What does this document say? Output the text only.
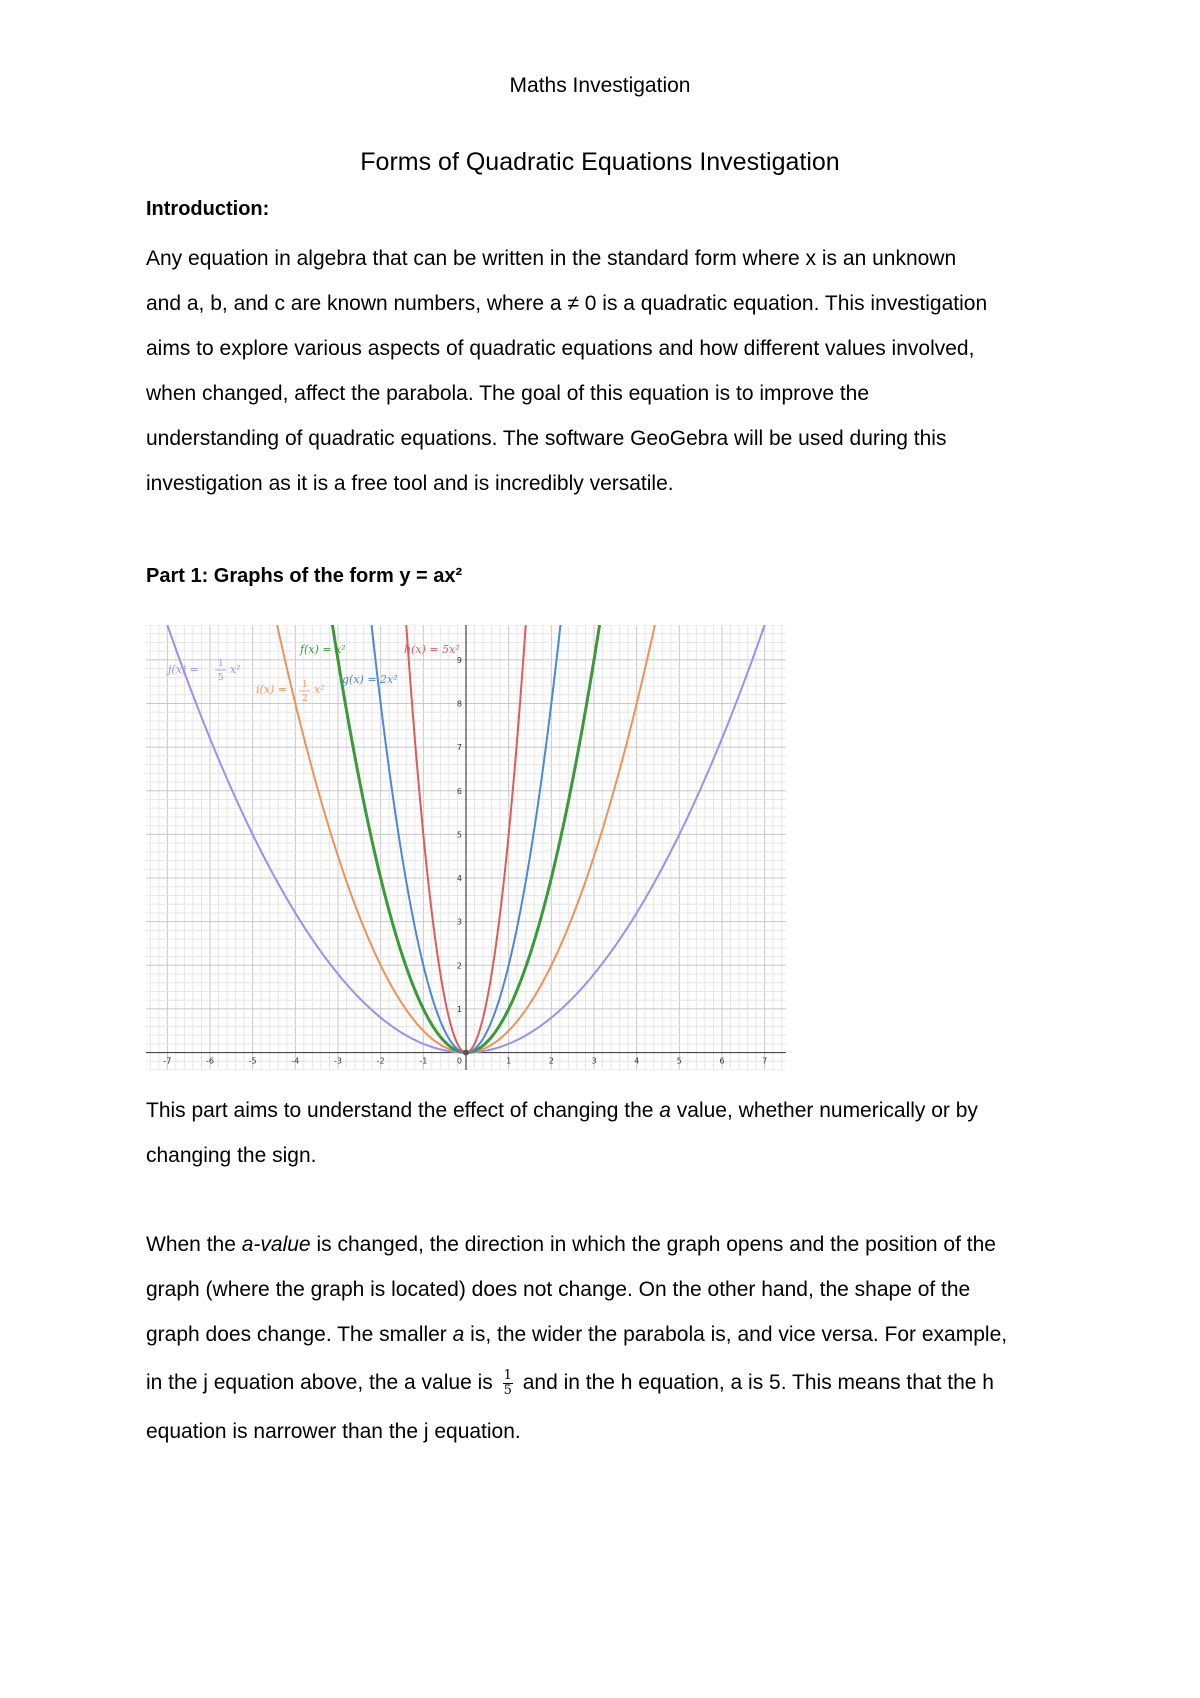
Maths Investigation
Forms of Quadratic Equations Investigation
Introduction:
Any equation in algebra that can be written in the standard form where x is an unknown
and a, b, and c are known numbers, where a ≠ 0 is a quadratic equation. This investigation
aims to explore various aspects of quadratic equations and how different values involved,
when changed, affect the parabola. The goal of this equation is to improve the
understanding of quadratic equations. The software GeoGebra will be used during this
investigation as it is a free tool and is incredibly versatile.
Part 1: Graphs of the form y = ax²
-7	-6	-5	-4	-3	-2	-1	1	2	3	4	5	6	7
1
2
3
4
5
6
7
8
9
0
j(x) = 1
5
x²
i(x) = 1
2
x²
f(x) = x²
g(x) = 2x²
h(x) = 5x²
This part aims to understand the effect of changing the a value, whether numerically or by
changing the sign.
When the a-value is changed, the direction in which the graph opens and the position of the
graph (where the graph is located) does not change. On the other hand, the shape of the
graph does change. The smaller a is, the wider the parabola is, and vice versa. For example,
in the j equation above, the a value is $\frac{1}{5}$ and in the h equation, a is 5. This means that the h
equation is narrower than the j equation.
